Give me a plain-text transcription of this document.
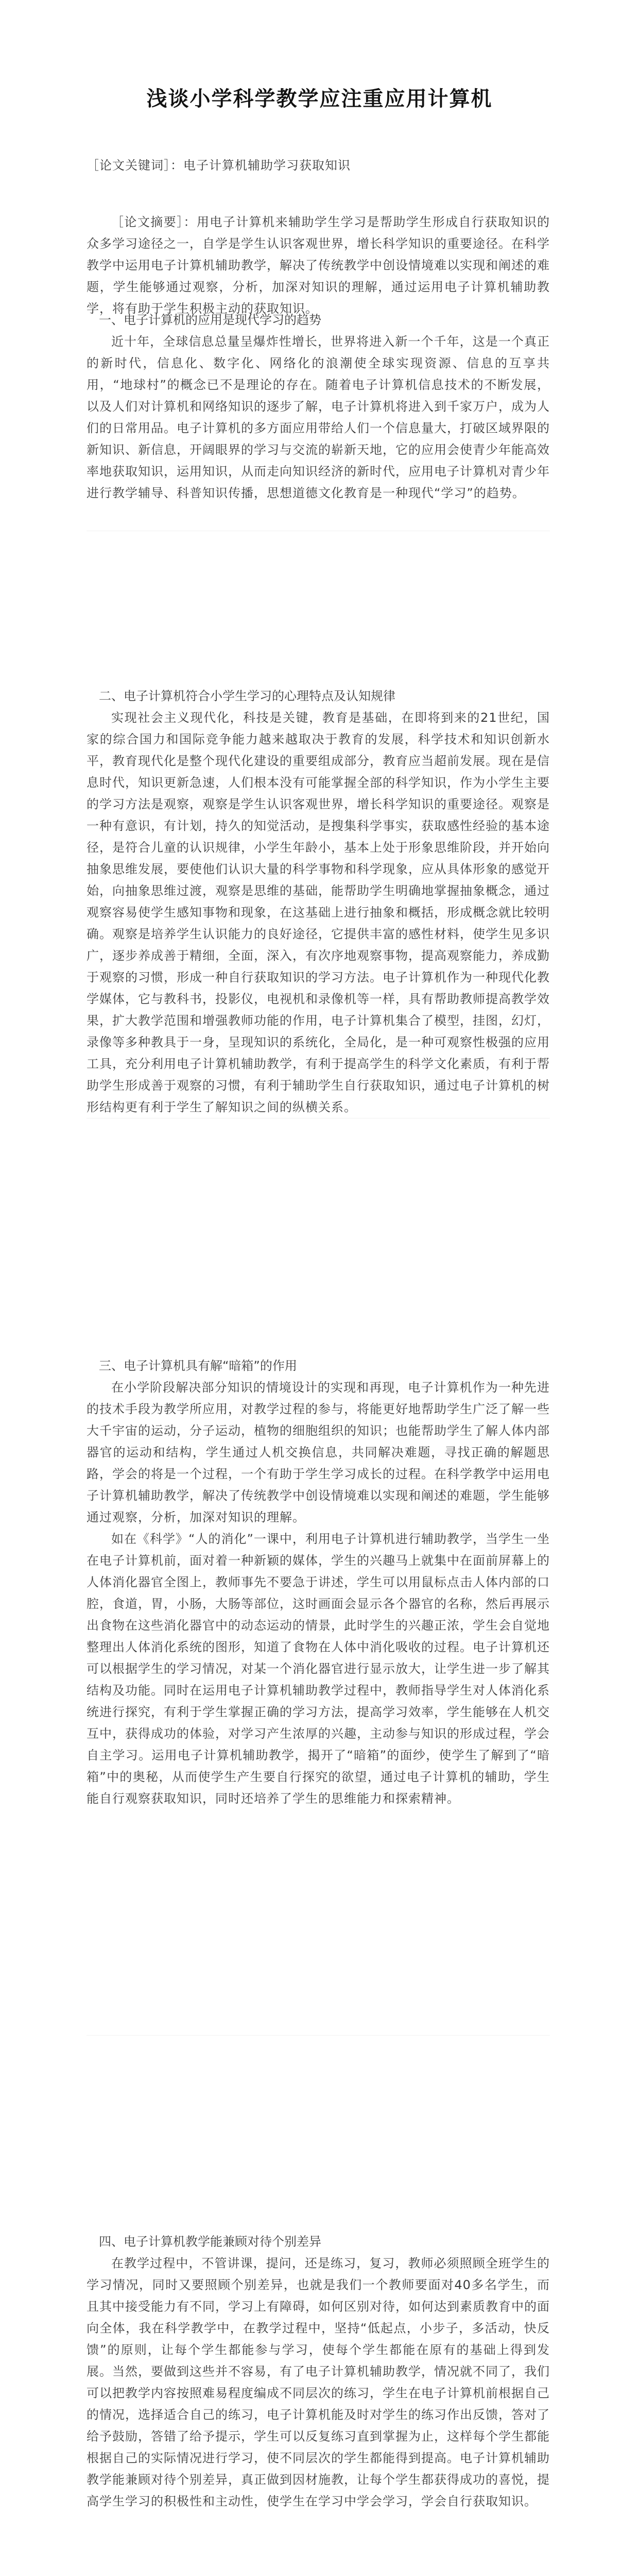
浅谈小学科学教学应注重应用计算机

［论文关键词］：电子计算机辅助学习获取知识

［论文摘要］：用电子计算机来辅助学生学习是帮助学生形成自行获取知识的众多学习途径之一，自学是学生认识客观世界，增长科学知识的重要途径。在科学教学中运用电子计算机辅助教学，解决了传统教学中创设情境难以实现和阐述的难题，学生能够通过观察，分析，加深对知识的理解，通过运用电子计算机辅助教学，将有助于学生积极主动的获取知识。

一、电子计算机的应用是现代学习的趋势

近十年，全球信息总量呈爆炸性增长，世界将进入新一个千年，这是一个真正的新时代，信息化、数字化、网络化的浪潮使全球实现资源、信息的互享共用，“地球村”的概念已不是理论的存在。随着电子计算机信息技术的不断发展，以及人们对计算机和网络知识的逐步了解，电子计算机将进入到千家万户，成为人们的日常用品。电子计算机的多方面应用带给人们一个信息量大，打破区域界限的新知识、新信息，开阔眼界的学习与交流的崭新天地，它的应用会使青少年能高效率地获取知识，运用知识，从而走向知识经济的新时代，应用电子计算机对青少年进行教学辅导、科普知识传播，思想道德文化教育是一种现代“学习”的趋势。

二、电子计算机符合小学生学习的心理特点及认知规律

实现社会主义现代化，科技是关键，教育是基础，在即将到来的21世纪，国家的综合国力和国际竞争能力越来越取决于教育的发展，科学技术和知识创新水平，教育现代化是整个现代化建设的重要组成部分，教育应当超前发展。现在是信息时代，知识更新急速，人们根本没有可能掌握全部的科学知识，作为小学生主要的学习方法是观察，观察是学生认识客观世界，增长科学知识的重要途径。观察是一种有意识，有计划，持久的知觉活动，是搜集科学事实，获取感性经验的基本途径，是符合儿童的认识规律，小学生年龄小，基本上处于形象思维阶段，并开始向抽象思维发展，要使他们认识大量的科学事物和科学现象，应从具体形象的感觉开始，向抽象思维过渡，观察是思维的基础，能帮助学生明确地掌握抽象概念，通过观察容易使学生感知事物和现象，在这基础上进行抽象和概括，形成概念就比较明确。观察是培养学生认识能力的良好途径，它提供丰富的感性材料，使学生见多识广，逐步养成善于精细，全面，深入，有次序地观察事物，提高观察能力，养成勤于观察的习惯，形成一种自行获取知识的学习方法。电子计算机作为一种现代化教学媒体，它与教科书，投影仪，电视机和录像机等一样，具有帮助教师提高教学效果，扩大教学范围和增强教师功能的作用，电子计算机集合了模型，挂图，幻灯，录像等多种教具于一身，呈现知识的系统化，全局化，是一种可观察性极强的应用工具，充分利用电子计算机辅助教学，有利于提高学生的科学文化素质，有利于帮助学生形成善于观察的习惯，有利于辅助学生自行获取知识，通过电子计算机的树形结构更有利于学生了解知识之间的纵横关系。

三、电子计算机具有解“暗箱”的作用

在小学阶段解决部分知识的情境设计的实现和再现，电子计算机作为一种先进的技术手段为教学所应用，对教学过程的参与，将能更好地帮助学生广泛了解一些大千宇宙的运动，分子运动，植物的细胞组织的知识；也能帮助学生了解人体内部器官的运动和结构，学生通过人机交换信息，共同解决难题，寻找正确的解题思路，学会的将是一个过程，一个有助于学生学习成长的过程。在科学教学中运用电子计算机辅助教学，解决了传统教学中创设情境难以实现和阐述的难题，学生能够通过观察，分析，加深对知识的理解。

如在《科学》“人的消化”一课中，利用电子计算机进行辅助教学，当学生一坐在电子计算机前，面对着一种新颖的媒体，学生的兴趣马上就集中在面前屏幕上的人体消化器官全图上，教师事先不要急于讲述，学生可以用鼠标点击人体内部的口腔，食道，胃，小肠，大肠等部位，这时画面会显示各个器官的名称，然后再展示出食物在这些消化器官中的动态运动的情景，此时学生的兴趣正浓，学生会自觉地整理出人体消化系统的图形，知道了食物在人体中消化吸收的过程。电子计算机还可以根据学生的学习情况，对某一个消化器官进行显示放大，让学生进一步了解其结构及功能。同时在运用电子计算机辅助教学过程中，教师指导学生对人体消化系统进行探究，有利于学生掌握正确的学习方法，提高学习效率，学生能够在人机交互中，获得成功的体验，对学习产生浓厚的兴趣，主动参与知识的形成过程，学会自主学习。运用电子计算机辅助教学，揭开了“暗箱”的面纱，使学生了解到了“暗箱”中的奥秘，从而使学生产生要自行探究的欲望，通过电子计算机的辅助，学生能自行观察获取知识，同时还培养了学生的思维能力和探索精神。

四、电子计算机教学能兼顾对待个别差异

在教学过程中，不管讲课，提问，还是练习，复习，教师必须照顾全班学生的学习情况，同时又要照顾个别差异，也就是我们一个教师要面对40多名学生，而且其中接受能力有不同，学习上有障碍，如何区别对待，如何达到素质教育中的面向全体，我在科学教学中，在教学过程中，坚持“低起点，小步子，多活动，快反馈”的原则，让每个学生都能参与学习，使每个学生都能在原有的基础上得到发展。当然，要做到这些并不容易，有了电子计算机辅助教学，情况就不同了，我们可以把教学内容按照难易程度编成不同层次的练习，学生在电子计算机前根据自己的情况，选择适合自己的练习，电子计算机能及时对学生的练习作出反馈，答对了给予鼓励，答错了给予提示，学生可以反复练习直到掌握为止，这样每个学生都能根据自己的实际情况进行学习，使不同层次的学生都能得到提高。电子计算机辅助教学能兼顾对待个别差异，真正做到因材施教，让每个学生都获得成功的喜悦，提高学生学习的积极性和主动性，使学生在学习中学会学习，学会自行获取知识。
